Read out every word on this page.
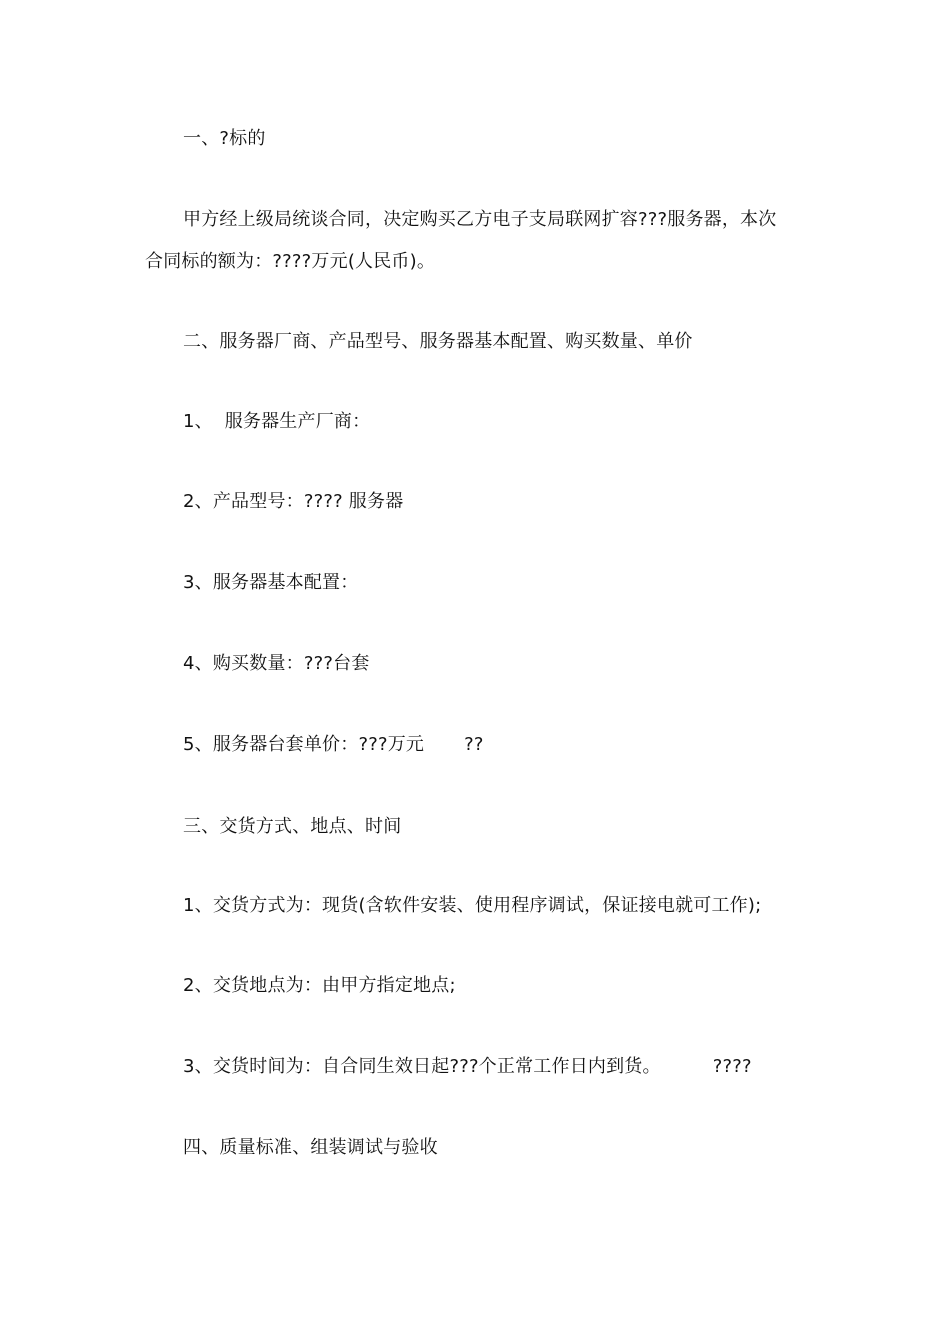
一、?标的
甲方经上级局统谈合同，决定购买乙方电子支局联网扩容???服务器，本次
合同标的额为：????万元(人民币)。
二、服务器厂商、产品型号、服务器基本配置、购买数量、单价
1、  服务器生产厂商：
2、产品型号：???? 服务器
3、服务器基本配置：
4、购买数量：???台套
5、服务器台套单价：???万元 ??
三、交货方式、地点、时间
1、交货方式为：现货(含软件安装、使用程序调试，保证接电就可工作);
2、交货地点为：由甲方指定地点;
3、交货时间为：自合同生效日起???个正常工作日内到货。	????
四、质量标准、组装调试与验收
